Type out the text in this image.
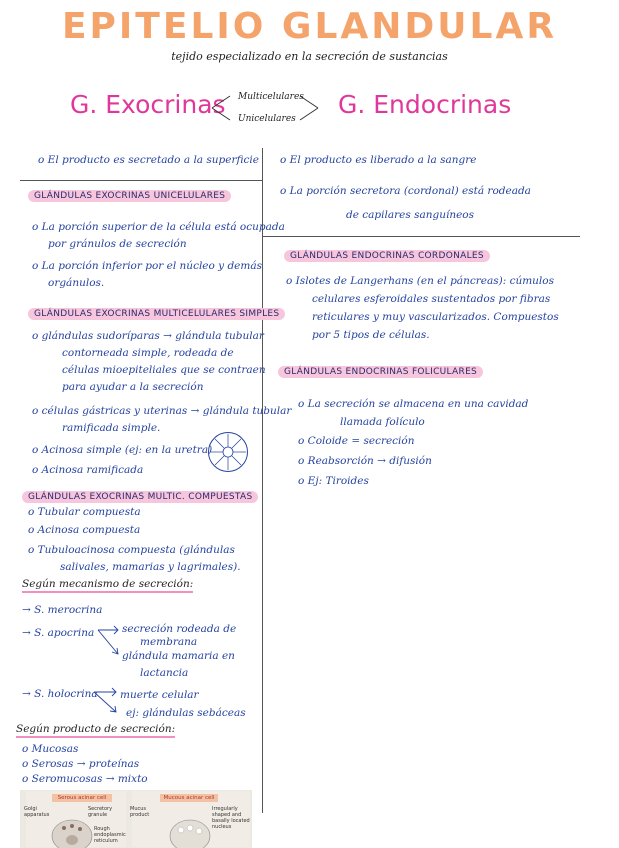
EPITELIO GLANDULAR
tejido especializado en la secreción de sustancias
G. Exocrinas	G. Endocrinas
Multicelulares
Unicelulares
o El producto es secretado a la superficie
GLÁNDULAS EXOCRINAS UNICELULARES
o La porción superior de la célula está ocupada
por gránulos de secreción
o La porción inferior por el núcleo y demás
orgánulos.
GLÁNDULAS EXOCRINAS MULTICELULARES SIMPLES
o glándulas sudoríparas → glándula tubular
contorneada simple, rodeada de
células mioepiteliales que se contraen
para ayudar a la secreción
o células gástricas y uterinas → glándula tubular
ramificada simple.
o Acinosa simple (ej: en la uretra)
o Acinosa ramificada
GLÁNDULAS EXOCRINAS MULTIC. COMPUESTAS
o Tubular compuesta
o Acinosa compuesta
o Tubuloacinosa compuesta (glándulas
salivales, mamarias y lagrimales).
Según mecanismo de secreción:
→ S. merocrina
→ S. apocrina	secreción rodeada de
membrana
glándula mamaria en
lactancia
→ S. holocrina muerte celular
ej: glándulas sebáceas
Según producto de secreción:
o Mucosas
o Serosas → proteínas
o Seromucosas → mixto
Serous acinar cell	Mucous acinar cell
Golgi apparatus
Secretory granule
Rough endoplasmic reticulum
Mucus product
Irregularly shaped and basally located nucleus
o El producto es liberado a la sangre
o La porción secretora (cordonal) está rodeada
de capilares sanguíneos
GLÁNDULAS ENDOCRINAS CORDONALES
o Islotes de Langerhans (en el páncreas): cúmulos
celulares esferoidales sustentados por fibras
reticulares y muy vascularizados. Compuestos
por 5 tipos de células.
GLÁNDULAS ENDOCRINAS FOLICULARES
o La secreción se almacena en una cavidad
llamada folículo
o Coloide = secreción
o Reabsorción → difusión
o Ej: Tiroides
